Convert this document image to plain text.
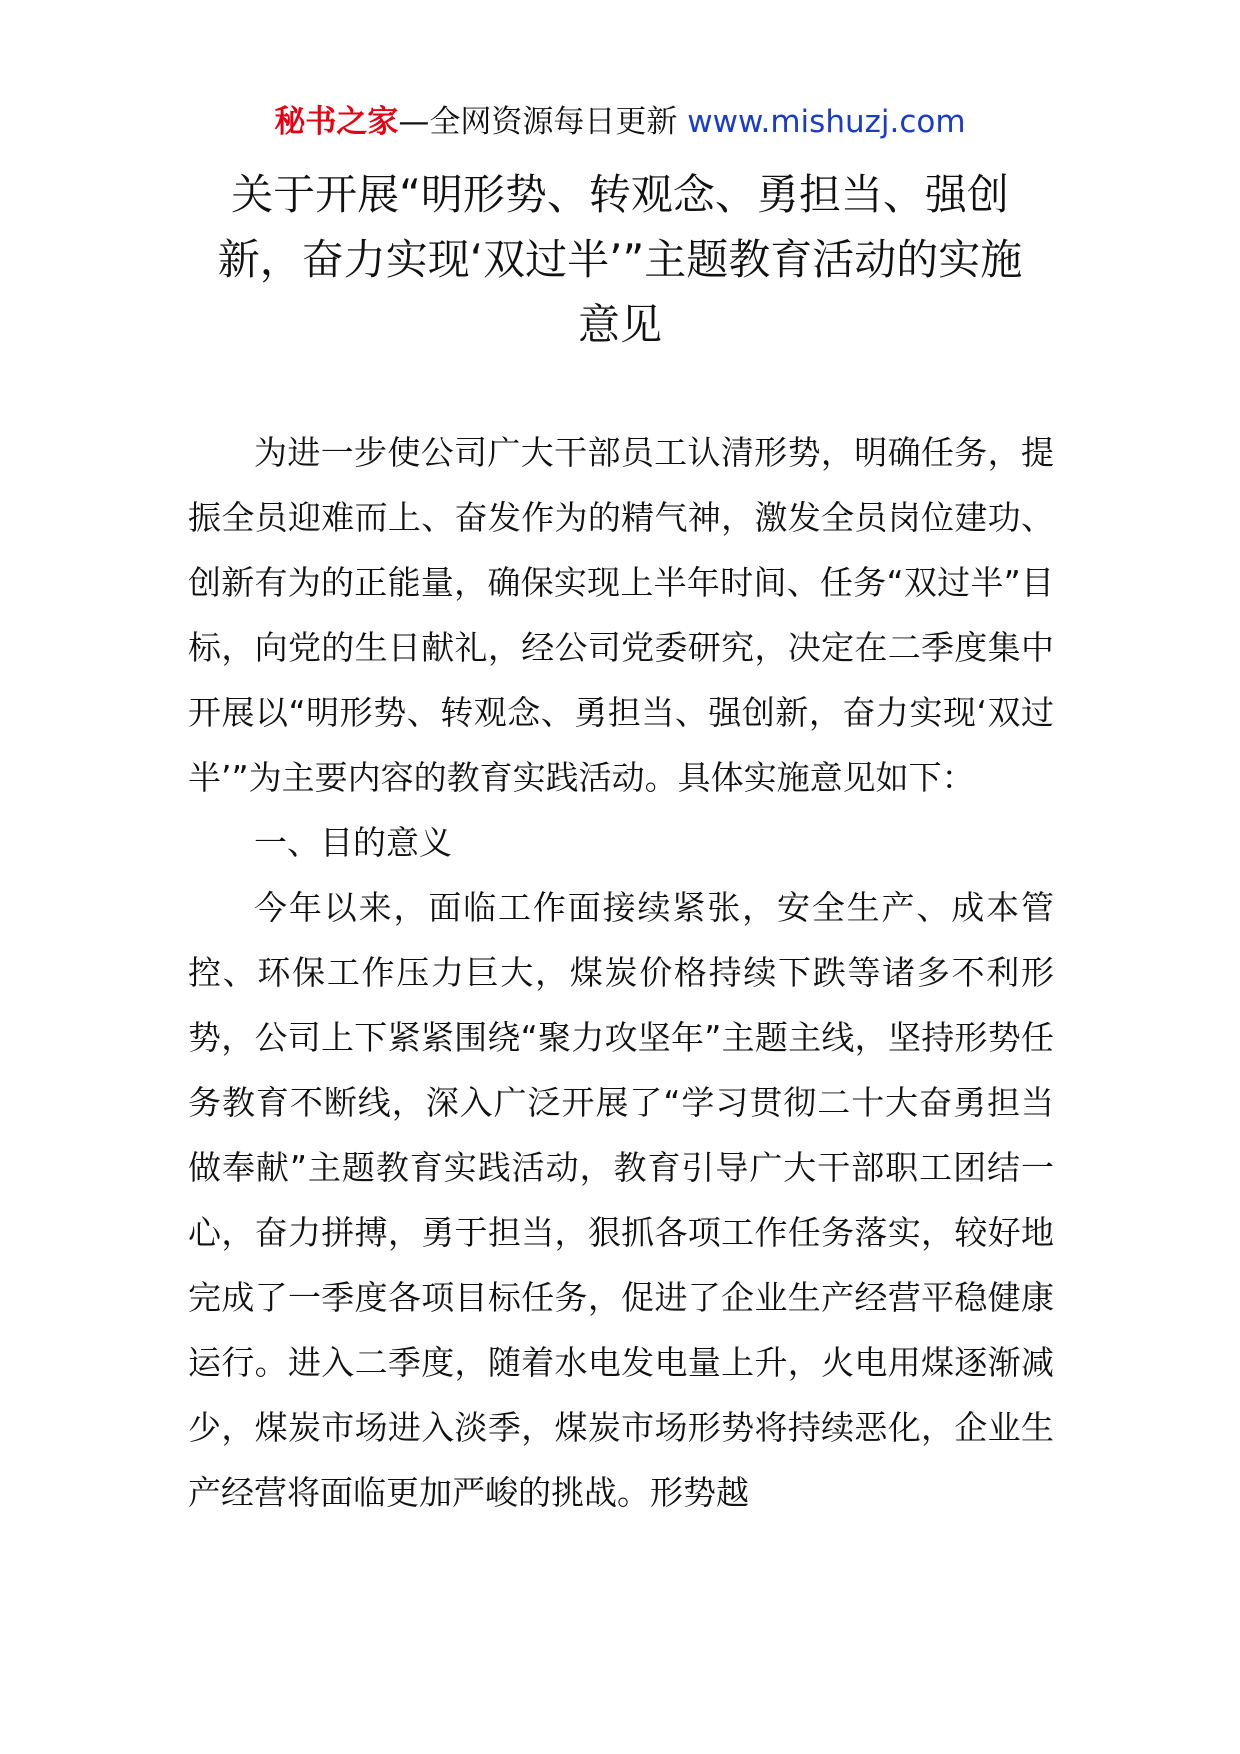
秘书之家—全网资源每日更新 www.mishuzj.com
关于开展“明形势、转观念、勇担当、强创新，奋力实现‘双过半’”主题教育活动的实施意见

为进一步使公司广大干部员工认清形势，明确任务，提振全员迎难而上、奋发作为的精气神，激发全员岗位建功、创新有为的正能量，确保实现上半年时间、任务“双过半”目标，向党的生日献礼，经公司党委研究，决定在二季度集中开展以“明形势、转观念、勇担当、强创新，奋力实现‘双过半’”为主要内容的教育实践活动。具体实施意见如下：

一、目的意义

今年以来，面临工作面接续紧张，安全生产、成本管控、环保工作压力巨大，煤炭价格持续下跌等诸多不利形势，公司上下紧紧围绕“聚力攻坚年”主题主线，坚持形势任务教育不断线，深入广泛开展了“学习贯彻二十大奋勇担当做奉献”主题教育实践活动，教育引导广大干部职工团结一心，奋力拼搏，勇于担当，狠抓各项工作任务落实，较好地完成了一季度各项目标任务，促进了企业生产经营平稳健康运行。进入二季度，随着水电发电量上升，火电用煤逐渐减少，煤炭市场进入淡季，煤炭市场形势将持续恶化，企业生产经营将面临更加严峻的挑战。形势越
